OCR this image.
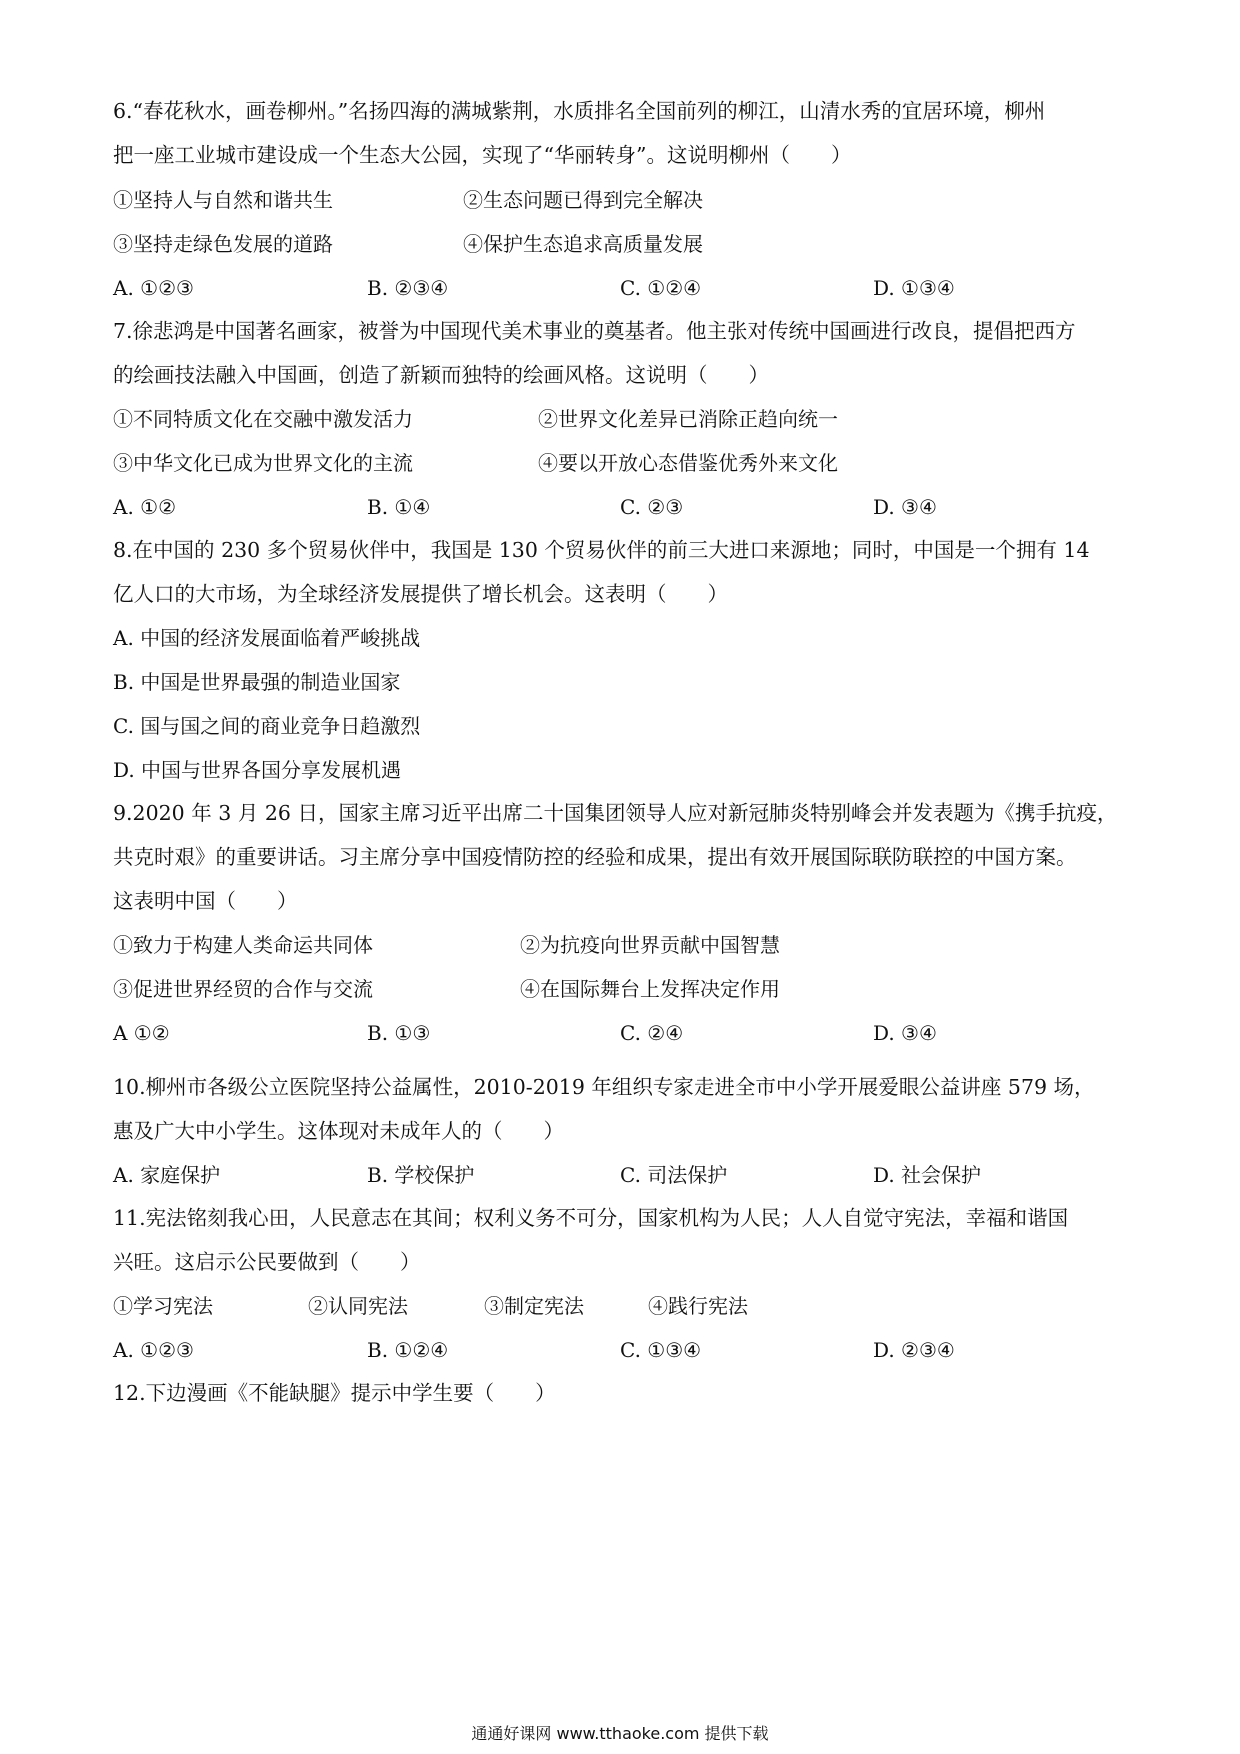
6.“春花秋水，画卷柳州。”名扬四海的满城紫荆，水质排名全国前列的柳江，山清水秀的宜居环境，柳州
把一座工业城市建设成一个生态大公园，实现了“华丽转身”。这说明柳州（　　）
①坚持人与自然和谐共生	②生态问题已得到完全解决
③坚持走绿色发展的道路	④保护生态追求高质量发展
A. ①②③	B. ②③④	C. ①②④	D. ①③④
7.徐悲鸿是中国著名画家，被誉为中国现代美术事业的奠基者。他主张对传统中国画进行改良，提倡把西方
的绘画技法融入中国画，创造了新颖而独特的绘画风格。这说明（　　）
①不同特质文化在交融中激发活力	②世界文化差异已消除正趋向统一
③中华文化已成为世界文化的主流	④要以开放心态借鉴优秀外来文化
A. ①②	B. ①④	C. ②③	D. ③④
8.在中国的 230 多个贸易伙伴中，我国是 130 个贸易伙伴的前三大进口来源地；同时，中国是一个拥有 14
亿人口的大市场，为全球经济发展提供了增长机会。这表明（　　）
A. 中国的经济发展面临着严峻挑战
B. 中国是世界最强的制造业国家
C. 国与国之间的商业竞争日趋激烈
D. 中国与世界各国分享发展机遇
9.2020 年 3 月 26 日，国家主席习近平出席二十国集团领导人应对新冠肺炎特别峰会并发表题为《携手抗疫，
共克时艰》的重要讲话。习主席分享中国疫情防控的经验和成果，提出有效开展国际联防联控的中国方案。
这表明中国（　　）
①致力于构建人类命运共同体	②为抗疫向世界贡献中国智慧
③促进世界经贸的合作与交流	④在国际舞台上发挥决定作用
A ①②	B. ①③	C. ②④	D. ③④
10.柳州市各级公立医院坚持公益属性，2010-2019 年组织专家走进全市中小学开展爱眼公益讲座 579 场，
惠及广大中小学生。这体现对未成年人的（　　）
A. 家庭保护	B. 学校保护	C. 司法保护	D. 社会保护
11.宪法铭刻我心田，人民意志在其间；权利义务不可分，国家机构为人民；人人自觉守宪法，幸福和谐国
兴旺。这启示公民要做到（　　）
①学习宪法	②认同宪法	③制定宪法	④践行宪法
A. ①②③	B. ①②④	C. ①③④	D. ②③④
12.下边漫画《不能缺腿》提示中学生要（　　）
通通好课网 www.tthaoke.com 提供下载
